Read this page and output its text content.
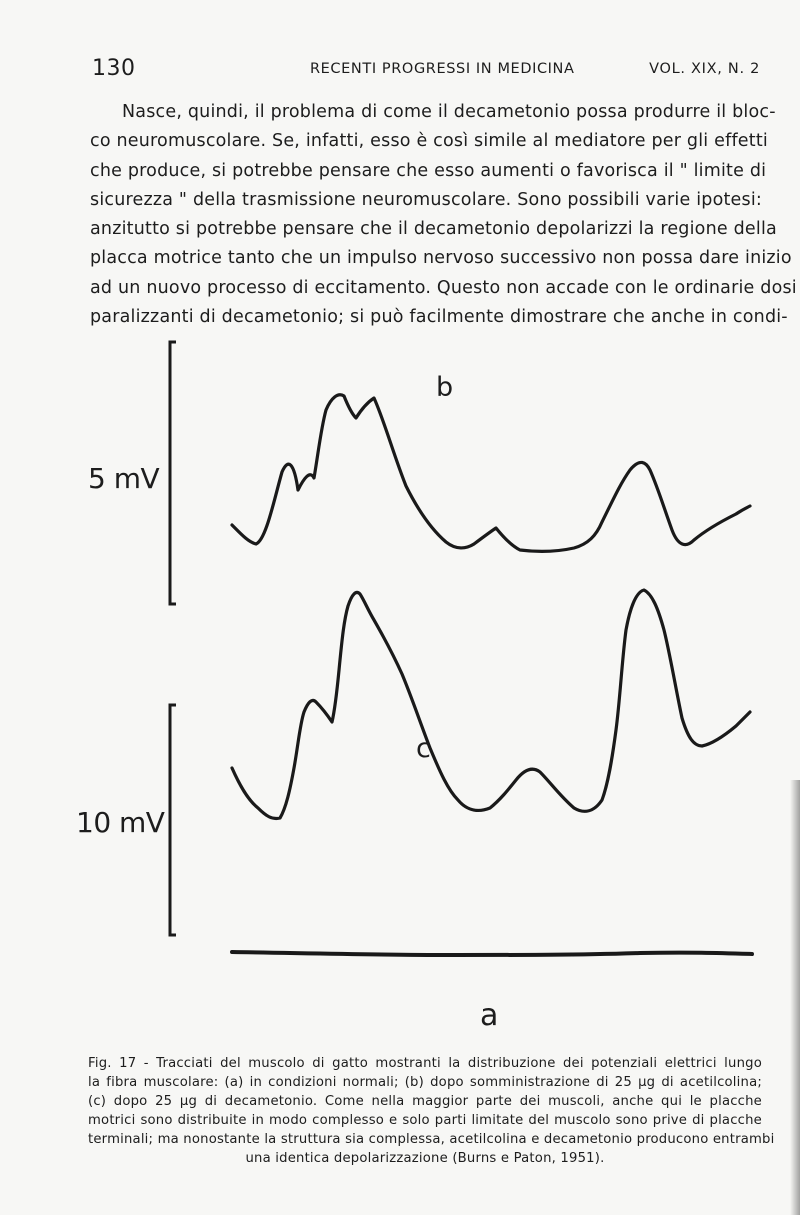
130	RECENTI PROGRESSI IN MEDICINA	VOL. XIX, N. 2
Nasce, quindi, il problema di come il decametonio possa produrre il bloc-
co neuromuscolare. Se, infatti, esso è così simile al mediatore per gli effetti
che produce, si potrebbe pensare che esso aumenti o favorisca il " limite di
sicurezza " della trasmissione neuromuscolare. Sono possibili varie ipotesi:
anzitutto si potrebbe pensare che il decametonio depolarizzi la regione della
placca motrice tanto che un impulso nervoso successivo non possa dare inizio
ad un nuovo processo di eccitamento. Questo non accade con le ordinarie dosi
paralizzanti di decametonio; si può facilmente dimostrare che anche in condi-
5 mV
10 mV
b
c
a
Fig. 17 - Tracciati del muscolo di gatto mostranti la distribuzione dei potenziali elettrici lungo
la fibra muscolare: (a) in condizioni normali; (b) dopo somministrazione di 25 μg di acetilcolina;
(c) dopo 25 μg di decametonio. Come nella maggior parte dei muscoli, anche qui le placche
motrici sono distribuite in modo complesso e solo parti limitate del muscolo sono prive di placche
terminali; ma nonostante la struttura sia complessa, acetilcolina e decametonio producono entrambi
una identica depolarizzazione (Burns e Paton, 1951).
